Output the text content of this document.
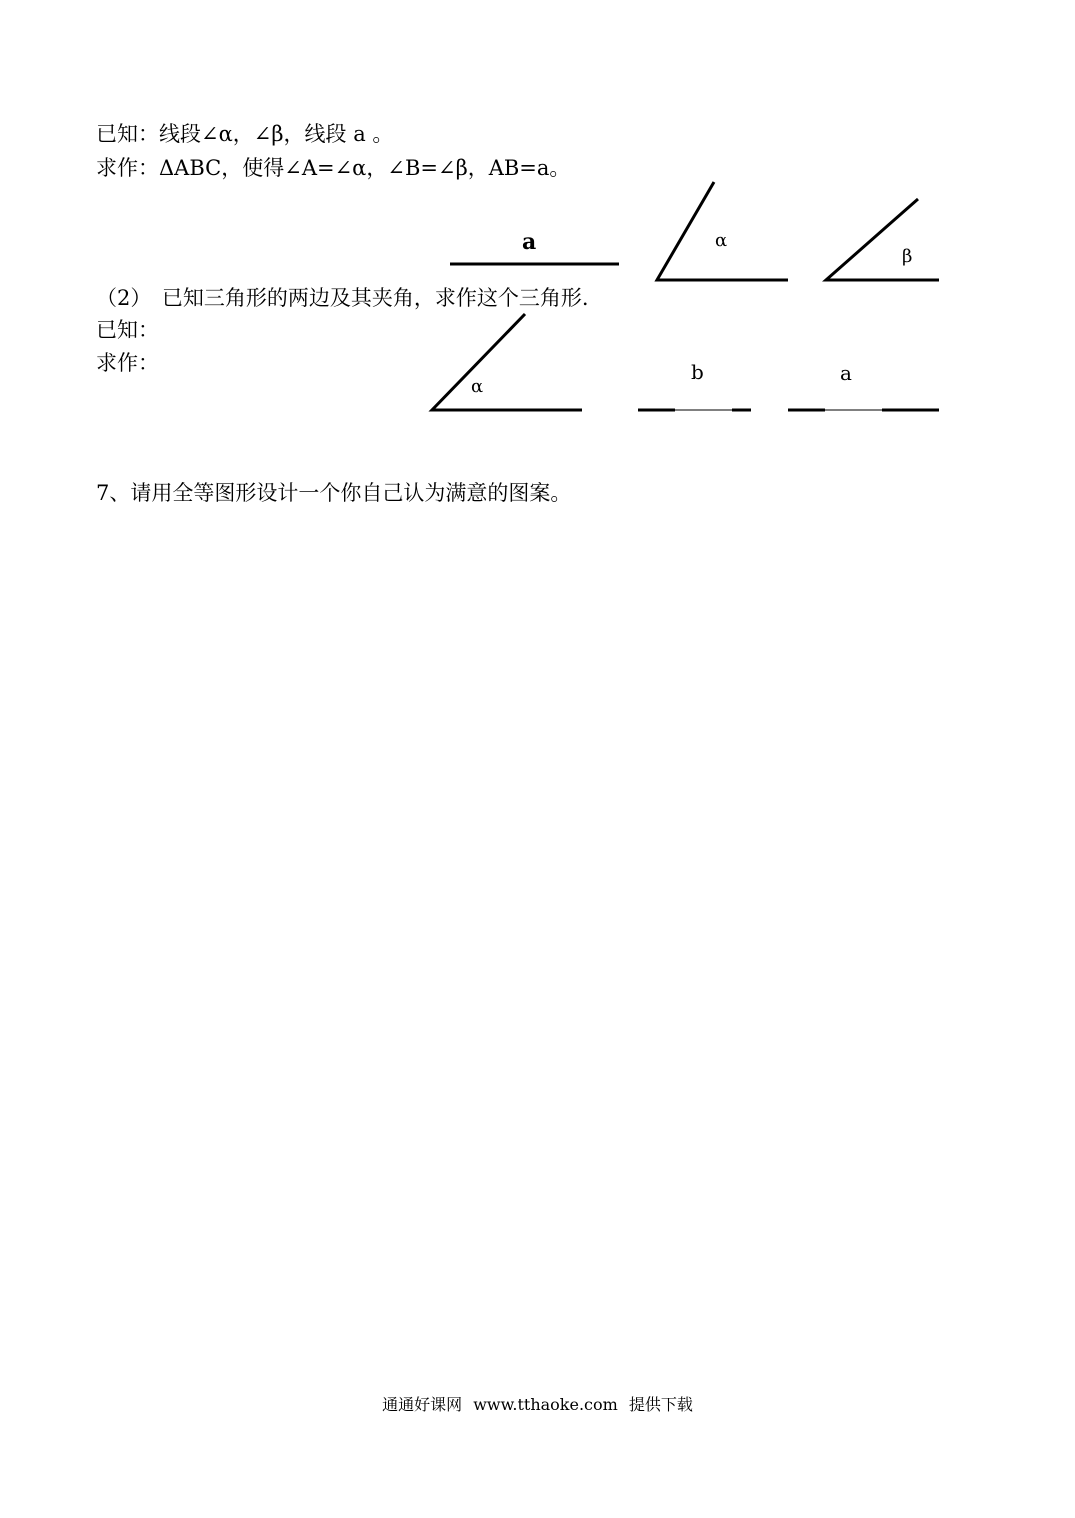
已知：线段∠α，∠β，线段 a 。
求作：ΔABC，使得∠A=∠α，∠B=∠β，AB=a。
（2）　已知三角形的两边及其夹角，求作这个三角形.
已知：
求作：
7、请用全等图形设计一个你自己认为满意的图案。
a	α
β
α
b	a
通通好课网 www.tthaoke.com 提供下载
